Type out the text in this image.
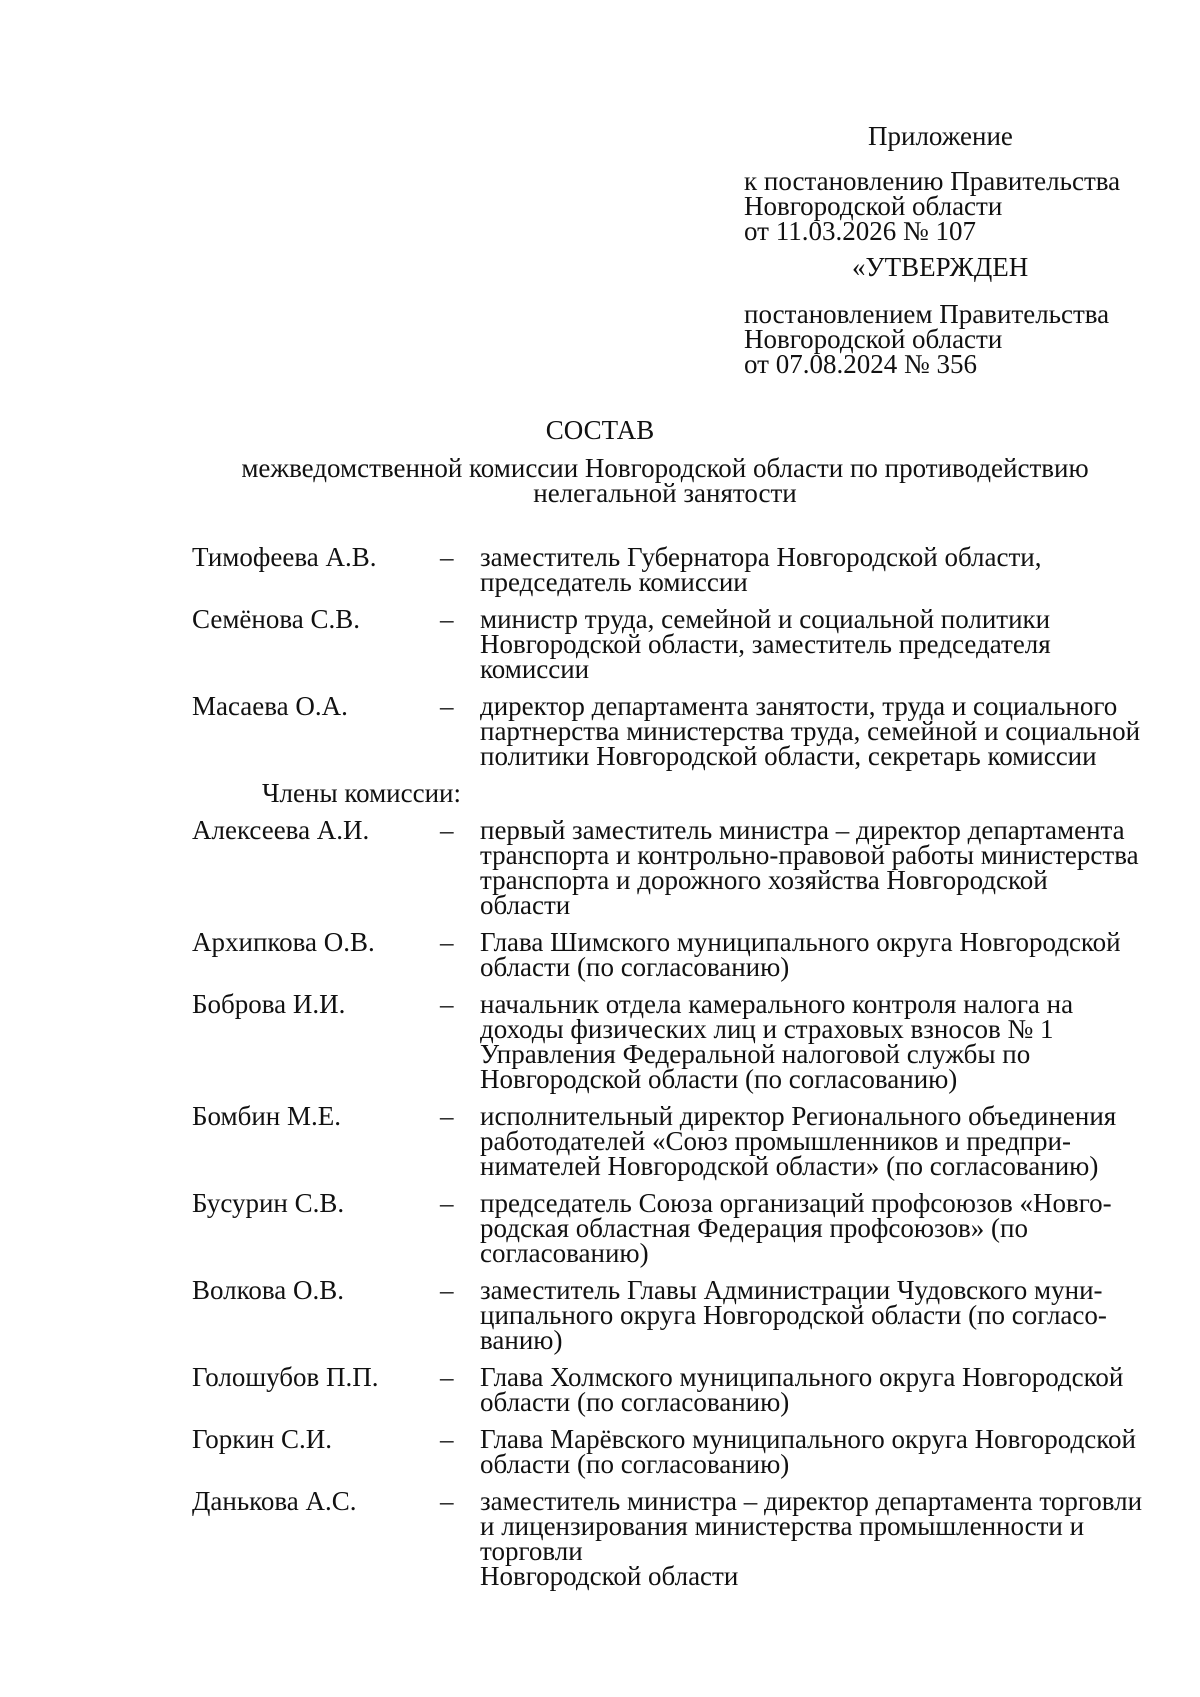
Приложение
к постановлению Правительства
Новгородской области
от 11.03.2026 № 107
«УТВЕРЖДЕН
постановлением Правительства
Новгородской области
от 07.08.2024 № 356
СОСТАВ
межведомственной комиссии Новгородской области по противодействию
нелегальной занятости
Тимофеева А.В.	– заместитель Губернатора Новгородской области,
председатель комиссии
Семёнова С.В.	– министр труда, семейной и социальной политики
Новгородской области, заместитель председателя
комиссии
Масаева О.А.	– директор департамента занятости, труда и социального
партнерства министерства труда, семейной и социальной
политики Новгородской области, секретарь комиссии
Члены комиссии:
Алексеева А.И.	– первый заместитель министра – директор департамента
транспорта и контрольно-правовой работы министерства
транспорта и дорожного хозяйства Новгородской
области
Архипкова О.В.	– Глава Шимского муниципального округа Новгородской
области (по согласованию)
Боброва И.И.	– начальник отдела камерального контроля налога на
доходы физических лиц и страховых взносов № 1
Управления Федеральной налоговой службы по
Новгородской области (по согласованию)
Бомбин М.Е.	– исполнительный директор Регионального объединения
работодателей «Союз промышленников и предпри-
нимателей Новгородской области» (по согласованию)
Бусурин С.В.	– председатель Союза организаций профсоюзов «Новго-
родская областная Федерация профсоюзов» (по согласованию)
Волкова О.В.	– заместитель Главы Администрации Чудовского муни-
ципального округа Новгородской области (по согласо-
ванию)
Голошубов П.П.	– Глава Холмского муниципального округа Новгородской
области (по согласованию)
Горкин С.И.	– Глава Марёвского муниципального округа Новгородской
области (по согласованию)
Данькова А.С.	– заместитель министра – директор департамента торговли
и лицензирования министерства промышленности и торговли
Новгородской области
